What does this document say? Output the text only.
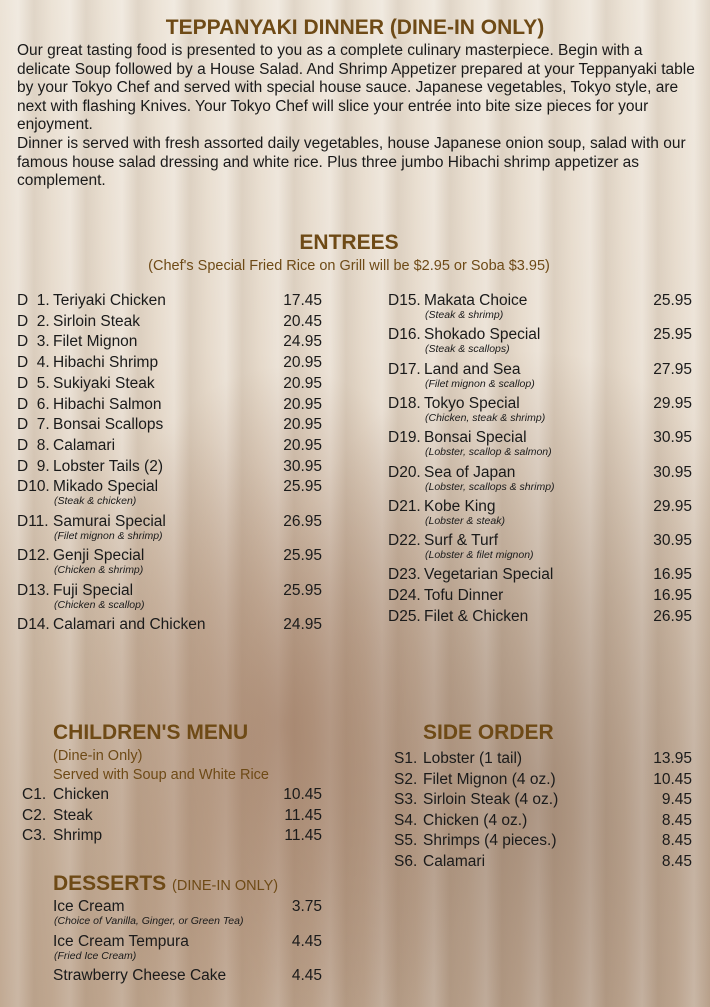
TEPPANYAKI DINNER (DINE-IN ONLY)

Our great tasting food is presented to you as a complete culinary masterpiece. Begin with a delicate Soup followed by a House Salad. And Shrimp Appetizer prepared at your Teppanyaki table by your Tokyo Chef and served with special house sauce. Japanese vegetables, Tokyo style, are next with flashing Knives. Your Tokyo Chef will slice your entrée into bite size pieces for your enjoyment.

Dinner is served with fresh assorted daily vegetables, house Japanese onion soup, salad with our famous house salad dressing and white rice. Plus three jumbo Hibachi shrimp appetizer as complement.

ENTREES
(Chef's Special Fried Rice on Grill will be $2.95 or Soba $3.95)
D  1. Teriyaki Chicken	17.45
D  2. Sirloin Steak	20.45
D  3. Filet Mignon	24.95
D  4. Hibachi Shrimp	20.95
D  5. Sukiyaki Steak	20.95
D  6. Hibachi Salmon	20.95
D  7. Bonsai Scallops	20.95
D  8. Calamari	20.95
D  9. Lobster Tails (2)	30.95
D10. Mikado Special	25.95
(Steak & chicken)
D11. Samurai Special	26.95
(Filet mignon & shrimp)
D12. Genji Special	25.95
(Chicken & shrimp)
D13. Fuji Special	25.95
(Chicken & scallop)
D14. Calamari and Chicken	24.95
D15. Makata Choice	25.95
(Steak & shrimp)
D16. Shokado Special	25.95
(Steak & scallops)
D17. Land and Sea	27.95
(Filet mignon & scallop)
D18. Tokyo Special	29.95
(Chicken, steak & shrimp)
D19. Bonsai Special	30.95
(Lobster, scallop & salmon)
D20. Sea of Japan	30.95
(Lobster, scallops & shrimp)
D21. Kobe King	29.95
(Lobster & steak)
D22. Surf & Turf	30.95
(Lobster & filet mignon)
D23. Vegetarian Special	16.95
D24. Tofu Dinner	16.95
D25. Filet & Chicken	26.95
CHILDREN'S MENU
(Dine-in Only)
Served with Soup and White Rice
C1. Chicken	10.45
C2. Steak	11.45
C3. Shrimp	11.45
SIDE ORDER
S1. Lobster (1 tail)	13.95
S2. Filet Mignon (4 oz.)	10.45
S3. Sirloin Steak (4 oz.)	9.45
S4. Chicken (4 oz.)	8.45
S5. Shrimps (4 pieces.)	8.45
S6. Calamari	8.45
DESSERTS (DINE-IN ONLY)
Ice Cream	3.75
(Choice of Vanilla, Ginger, or Green Tea)
Ice Cream Tempura	4.45
(Fried Ice Cream)
Strawberry Cheese Cake	4.45
